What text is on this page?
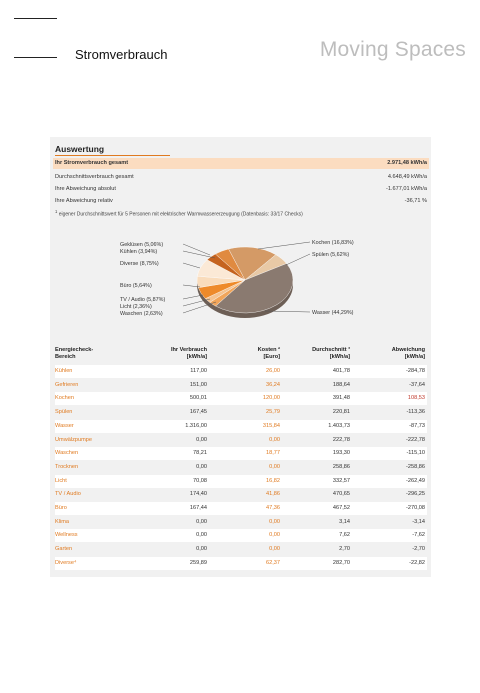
Stromverbrauch	Moving Spaces
Auswertung
Ihr Stromverbrauch gesamt	2.971,48 kWh/a
Durchschnittsverbrauch gesamt	4.648,49 kWh/a
Ihre Abweichung absolut	-1.677,01 kWh/a
Ihre Abweichung relativ	-36,71 %
$^1$ eigener Durchschnittswert für 5 Personen mit elektrischer Warmwassererzeugung (Datenbasis: 33/17 Checks)
Geklüsen (5,06%)
Kühlen (3,94%)
Diverse (8,75%)
Büro (5,64%)
TV / Audio (5,87%)
Licht (2,36%)
Waschen (2,63%)
Kochen (16,83%)
Spülen (5,62%)
Wasser (44,29%)
Energiecheck-
Bereich
Ihr Verbrauch
[kWh/a]
Kosten ²
[Euro]
Durchschnitt ³
[kWh/a]
Abweichung
[kWh/a]
Kühlen	117,00	26,00	401,78	-284,78
Gefrieren	151,00	36,24	188,64	-37,64
Kochen	500,01	120,00	391,48	108,53
Spülen	167,45	25,79	220,81	-113,36
Wasser	1.316,00	315,84	1.403,73	-87,73
Umwälzpumpe	0,00	0,00	222,78	-222,78
Waschen	78,21	18,77	193,30	-115,10
Trocknen	0,00	0,00	258,86	-258,86
Licht	70,08	16,82	332,57	-262,49
TV / Audio	174,40	41,86	470,65	-296,25
Büro	167,44	47,36	467,52	-270,08
Klima	0,00	0,00	3,14	-3,14
Wellness	0,00	0,00	7,62	-7,62
Garten	0,00	0,00	2,70	-2,70
Diverse⁴	259,89	62,37	282,70	-22,82
